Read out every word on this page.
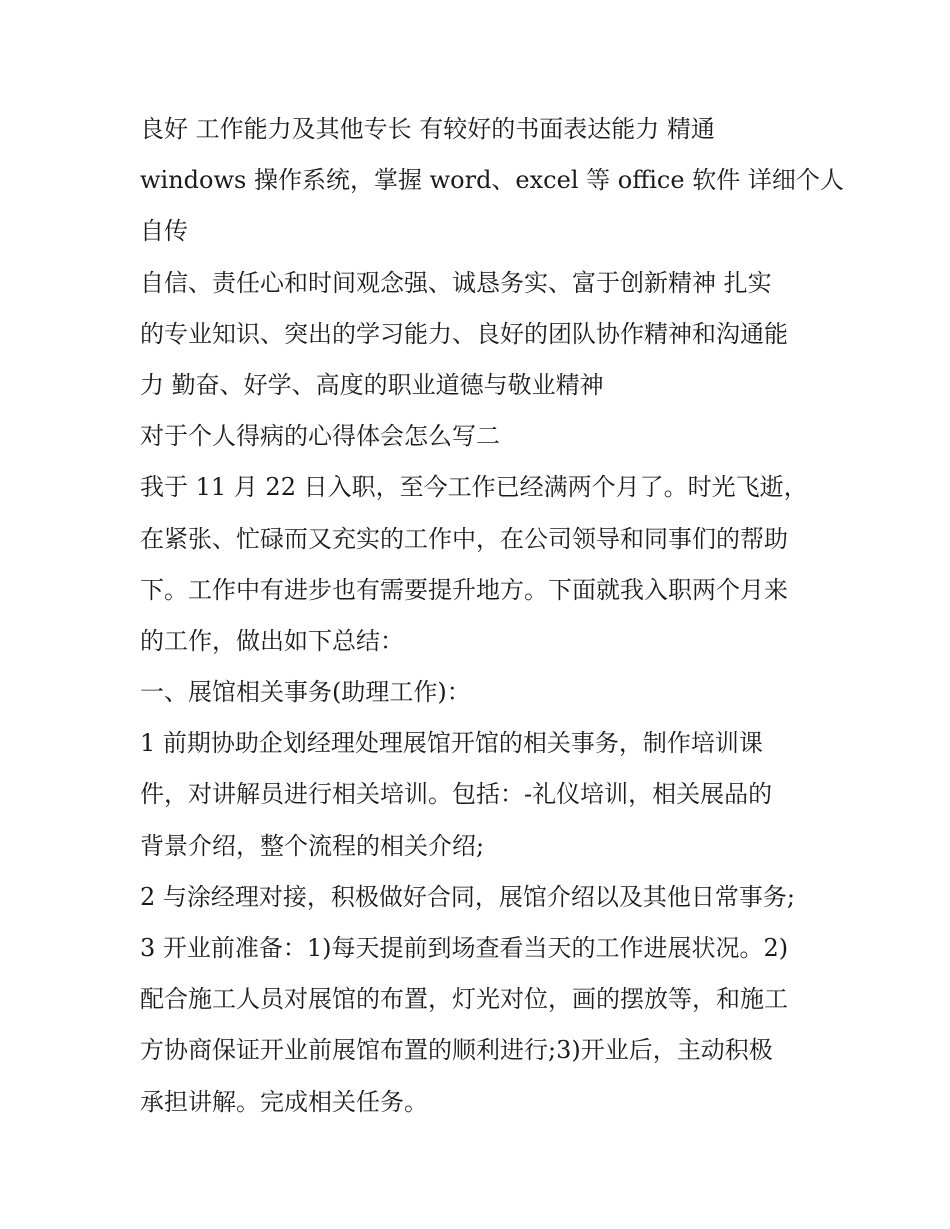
良好 工作能力及其他专长 有较好的书面表达能力 精通
windows 操作系统，掌握 word、excel 等 office 软件 详细个人
自传
自信、责任心和时间观念强、诚恳务实、富于创新精神 扎实
的专业知识、突出的学习能力、良好的团队协作精神和沟通能
力 勤奋、好学、高度的职业道德与敬业精神
对于个人得病的心得体会怎么写二
我于 11 月 22 日入职，至今工作已经满两个月了。时光飞逝，
在紧张、忙碌而又充实的工作中，在公司领导和同事们的帮助
下。工作中有进步也有需要提升地方。下面就我入职两个月来
的工作，做出如下总结：
一、展馆相关事务(助理工作)：
1 前期协助企划经理处理展馆开馆的相关事务，制作培训课
件，对讲解员进行相关培训。包括：-礼仪培训，相关展品的
背景介绍，整个流程的相关介绍;
2 与涂经理对接，积极做好合同，展馆介绍以及其他日常事务;
3 开业前准备：1)每天提前到场查看当天的工作进展状况。2)
配合施工人员对展馆的布置，灯光对位，画的摆放等，和施工
方协商保证开业前展馆布置的顺利进行;3)开业后，主动积极
承担讲解。完成相关任务。
